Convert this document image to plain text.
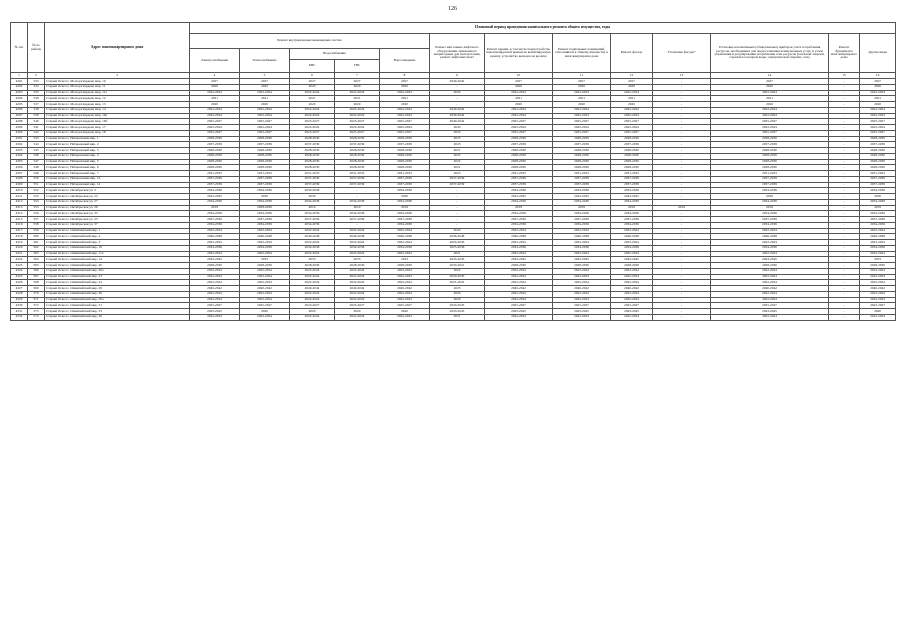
126
№ п/п	№ по району	Адрес многоквартирного дома	Плановый период проведения капитального ремонта общего имущества, годы												
			Ремонт внутридомовых инженерных систем					Ремонт или замена лифтового оборудования, признанного непригодным для эксплуатации, ремонт лифтовых шахт	Ремонт крыши, в том числе переустройство невентилируемой крыши на вентилируемую крышу, устройство выходов на кровлю	Ремонт подвальных помещений, относящихся к общему имуществу в многоквартирном доме	Ремонт фасада	Утепление фасада*	Установка коллективных (общедомовых) приборов учета потребления ресурсов, необходимых для предоставления коммунальных услуг, и узлов управления и регулирования потребления этих ресурсов (тепловой энергии, горячей и холодной воды, электрической энергии, газа)	Ремонт фундамента многоквартирного дома	Другие виды
			Электроснабжение	Теплоснабжение	Водоснабжение		Водоотведение								
					ХВС	ГВС									
1	2	3	4	5	6	7	8	9	10	11	12	13	14	15	16
4291	533	Старый Оскол г, Молодогвардеец мкр, 10	2027	2027	2027	2027	2027	2040-2042	2027	2027	2027	-	2027	-	2027
4292	534	Старый Оскол г, Молодогвардеец мкр, 11	2020	2020	2020	2020	2020	-	2020	2020	2020	-	2020	-	2020
4293	535	Старый Оскол г, Молодогвардеец мкр, 11а	2022-2024	2022-2024	2022-2024	2022-2024	2022-2024	2043	2022-2024	2022-2024	2022-2024	-	2022-2024	-	2022-2024
4294	536	Старый Оскол г, Молодогвардеец мкр, 12	2021	2021	2021	2021	2021	-	2021	2021	2021	-	2021	-	2021
4295	537	Старый Оскол г, Молодогвардеец мкр, 13	2020	2020	2020	2020	2020	-	2020	2020	2020	-	2020	-	2020
4296	538	Старый Оскол г, Молодогвардеец мкр, 14	2022-2024	2022-2024	2022-2024	2022-2024	2022-2024	2040-2042	2022-2024	2022-2024	2022-2024	-	2022-2024	-	2022-2024
4297	539	Старый Оскол г, Молодогвардеец мкр, 16а	2022-2024	2022-2024	2022-2024	2022-2024	2022-2024	2040-2042	2022-2024	2022-2024	2022-2024	-	2022-2024	-	2022-2024
4298	540	Старый Оскол г, Молодогвардеец мкр, 16б	2025-2027	2025-2027	2025-2027	2025-2027	2025-2027	2040-2042	2025-2027	2025-2027	2025-2027	-	2025-2027	-	2025-2027
4299	541	Старый Оскол г, Молодогвардеец мкр, 17	2022-2024	2022-2024	2022-2024	2022-2024	2022-2024	2043	2022-2024	2022-2024	2022-2024	-	2022-2024	-	2022-2024
4300	542	Старый Оскол г, Молодогвардеец мкр, 18	2025-2027	2025-2027	2025-2027	2025-2027	2025-2027	2022	2025-2027	2025-2027	2025-2027	-	2025-2027	-	2025-2027
4301	543	Старый Оскол г, Набережный мкр, 1	2028-2030	2028-2030	2028-2030	2028-2030	2028-2030	2023	2028-2030	2028-2030	2028-2030	-	2028-2030	-	2028-2030
4302	544	Старый Оскол г, Набережный мкр, 2	2037-2039	2037-2039	2037-2039	2037-2039	2037-2039	2023	2037-2039	2037-2039	2037-2039	-	2037-2039	-	2037-2039
4303	545	Старый Оскол г, Набережный мкр, 3	2028-2030	2028-2030	2028-2030	2028-2030	2028-2030	2021	2028-2030	2028-2030	2028-2030	-	2028-2030	-	2028-2030
4304	546	Старый Оскол г, Набережный мкр, 4	2028-2030	2028-2030	2028-2030	2028-2030	2028-2030	2022	2028-2030	2028-2030	2028-2030	-	2028-2030	-	2028-2030
4305	547	Старый Оскол г, Набережный мкр, 5	2028-2030	2028-2030	2028-2030	2028-2030	2028-2030	2022	2028-2030	2028-2030	2028-2030	-	2028-2030	-	2028-2030
4306	548	Старый Оскол г, Набережный мкр, 6	2028-2030	2028-2030	2028-2030	2028-2030	2028-2030	2021	2028-2030	2028-2030	2028-2030	-	2028-2030	-	2028-2030
4307	549	Старый Оскол г, Набережный мкр, 7	2031-2033	2031-2033	2031-2033	2031-2033	2031-2033	2023	2031-2033	2031-2033	2031-2033	-	2031-2033	-	2031-2033
4308	550	Старый Оскол г, Набережный мкр, 12	2037-2039	2037-2039	2037-2039	2037-2039	2037-2039	2037-2039	2037-2039	2037-2039	2037-2039	-	2037-2039	-	2037-2039
4309	551	Старый Оскол г, Набережный мкр, 14	2037-2039	2037-2039	2037-2039	2037-2039	2037-2039	2037-2039	2037-2039	2037-2039	2037-2039	-	2037-2039	-	2037-2039
4310	552	Старый Оскол г, Октябрьская ул, 3	2034-2036	2034-2036	2034-2036	-	2034-2036	-	2034-2036	2034-2036	2034-2036	-	2034-2036	-	2034-2036
4311	553	Старый Оскол г, Октябрьская ул, 25	2043-2045	2030	2030	-	2030	-	2043-2045	2043-2045	2043-2045	-	2030	-	2030
4312	554	Старый Оскол г, Октябрьская ул, 27	2034-2036	2034-2036	2034-2036	2034-2036	2034-2036	-	2034-2036	2034-2036	2034-2036	-	2034-2036	-	2034-2036
4313	555	Старый Оскол г, Октябрьская ул, 29	2019	2028-2030	2019	2019	2019	-	2019	2019	2019	2019	2019	-	2019
4314	556	Старый Оскол г, Октябрьская ул, 33	2034-2036	2034-2036	2034-2036	2034-2036	2034-2036	-	2034-2036	2034-2036	2034-2036	-	2034-2036	-	2034-2036
4315	557	Старый Оскол г, Октябрьская ул, 35	2037-2039	2037-2039	2037-2039	2037-2039	2037-2039	-	2037-2039	2037-2039	2037-2039	-	2037-2039	-	2037-2039
4316	558	Старый Оскол г, Октябрьская ул, 37	2034-2036	2034-2036	2034-2036	-	2034-2036	-	2034-2036	2034-2036	2034-2036	-	2034-2036	-	2034-2036
4317	559	Старый Оскол г, Олимпийский мкр, 1	2022-2024	2022-2024	2022-2024	2022-2024	2022-2024	2045	2022-2024	2022-2024	2022-2024	-	2022-2024	-	2022-2024
4318	560	Старый Оскол г, Олимпийский мкр, 2	2046-2048	2046-2048	2046-2048	2046-2048	2046-2048	2046-2048	2046-2048	2046-2048	2046-2048	-	2046-2048	-	2046-2048
4319	561	Старый Оскол г, Олимпийский мкр, 3	2022-2024	2022-2024	2022-2024	2022-2024	2022-2024	2020-2045	2022-2024	2022-2024	2022-2024	-	2022-2024	-	2022-2024
4320	562	Старый Оскол г, Олимпийский мкр, 10	2034-2036	2034-2036	2034-2036	2034-2036	2034-2036	2025-2036	2034-2036	2034-2036	2034-2036	-	2034-2036	-	2034-2036
4321	563	Старый Оскол г, Олимпийский мкр, 11а	2022-2024	2022-2024	2022-2024	2022-2024	2022-2024	2021	2022-2024	2022-2024	2022-2024	-	2022-2024	-	2022-2024
4322	564	Старый Оскол г, Олимпийский мкр, 14	2043-2045	2033	2033	2033	2033	2043-2045	2043-2045	2043-2045	2043-2045	-	2043-2045	-	2033
4323	565	Старый Оскол г, Олимпийский мкр, 20	2028-2030	2028-2030	2028-2030	2028-2030	2028-2030	2030-2021	2028-2030	2028-2030	2028-2030	-	2028-2030	-	2028-2030
4324	566	Старый Оскол г, Олимпийский мкр, 20а	2022-2024	2022-2024	2022-2024	2022-2024	2022-2024	2022	2022-2024	2022-2024	2022-2024	-	2022-2024	-	2022-2024
4325	567	Старый Оскол г, Олимпийский мкр, 23	2022-2024	2022-2024	2022-2024	2022-2024	2022-2024	2020-2045	2022-2024	2022-2024	2022-2024	-	2022-2024	-	2022-2024
4326	568	Старый Оскол г, Олимпийский мкр, 24	2022-2024	2022-2024	2022-2024	2022-2024	2022-2024	2021-2022	2022-2024	2022-2024	2022-2024	-	2022-2024	-	2022-2024
4327	569	Старый Оскол г, Олимпийский мкр, 29	2040-2042	2040-2042	2040-2042	2040-2042	2040-2042	2023	2040-2042	2040-2042	2040-2042	-	2040-2042	-	2040-2042
4328	570	Старый Оскол г, Олимпийский мкр, 30	2022-2024	2022-2024	2022-2024	2022-2024	2022-2024	2020	2022-2024	2022-2024	2022-2024	-	2022-2024	-	2022-2024
4329	571	Старый Оскол г, Олимпийский мкр, 30а	2022-2024	2022-2024	2022-2024	2022-2024	2022-2024	2020	2022-2024	2022-2024	2022-2024	-	2022-2024	-	2022-2024
4330	572	Старый Оскол г, Олимпийский мкр, 31	2025-2027	2025-2027	2025-2027	2025-2027	2025-2027	2020-2045	2025-2027	2025-2027	2025-2027	-	2025-2027	-	2025-2027
4331	573	Старый Оскол г, Олимпийский мкр, 33	2043-2045	2020	2020	2020	2020	2043-2045	2043-2045	2043-2045	2043-2045	-	2043-2045	-	2020
4332	574	Старый Оскол г, Олимпийский мкр, 36	2022-2024	2022-2024	2022-2024	2022-2024	2022-2024	2021	2022-2024	2022-2024	2022-2024	-	2022-2024	-	2022-2024
